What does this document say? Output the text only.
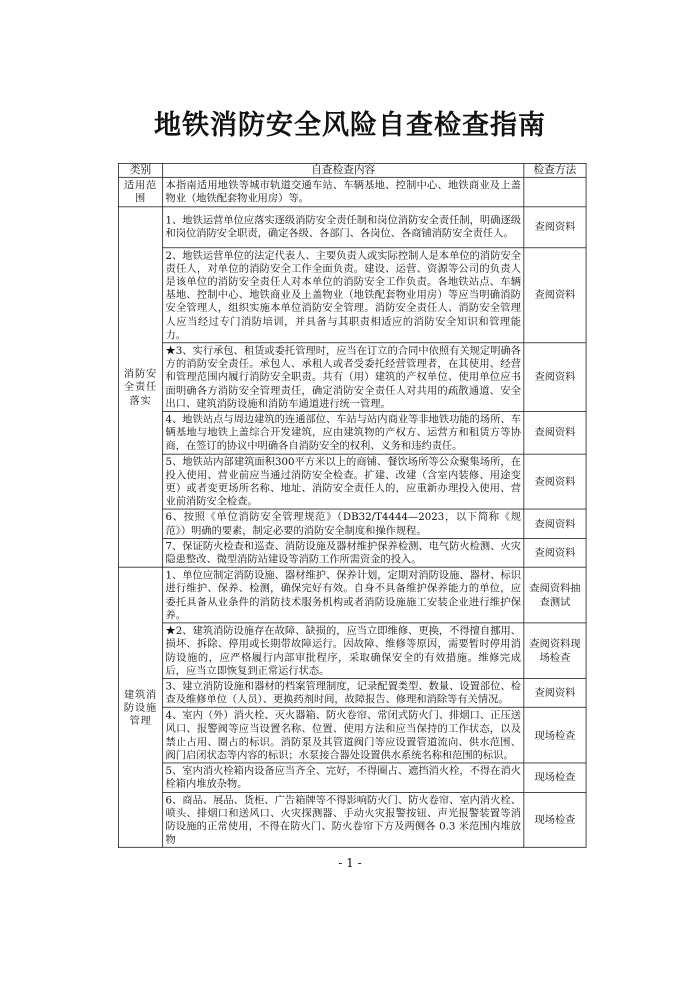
地铁消防安全风险自查检查指南
类别	自查检查内容	检查方法
适用范围	本指南适用地铁等城市轨道交通车站、车辆基地、控制中心、地铁商业及上盖物业（地铁配套物业用房）等。	
消防安全责任落实	1、地铁运营单位应落实逐级消防安全责任制和岗位消防安全责任制，明确逐级和岗位消防安全职责，确定各级、各部门、各岗位、各商铺消防安全责任人。	查阅资料
	2、地铁运营单位的法定代表人、主要负责人或实际控制人是本单位的消防安全责任人，对单位的消防安全工作全面负责。建设、运营、资源等公司的负责人是该单位的消防安全责任人对本单位的消防安全工作负责。各地铁站点、车辆基地、控制中心、地铁商业及上盖物业（地铁配套物业用房）等应当明确消防安全管理人，组织实施本单位消防安全管理。消防安全责任人、消防安全管理人应当经过专门消防培训，并具备与其职责相适应的消防安全知识和管理能力。	查阅资料
	★3、实行承包、租赁或委托管理时，应当在订立的合同中依照有关规定明确各方的消防安全责任。承包人、承租人或者受委托经营管理者，在其使用、经营和管理范围内履行消防安全职责。共有（用）建筑的产权单位、使用单位应书面明确各方消防安全管理责任，确定消防安全责任人对共用的疏散通道、安全出口、建筑消防设施和消防车通道进行统一管理。	查阅资料
	4、地铁站点与周边建筑的连通部位、车站与站内商业等非地铁功能的场所、车辆基地与地铁上盖综合开发建筑，应由建筑物的产权方、运营方和租赁方等协商，在签订的协议中明确各自消防安全的权利、义务和违约责任。	查阅资料
	5、地铁站内部建筑面积300平方米以上的商铺、餐饮场所等公众聚集场所，在投入使用、营业前应当通过消防安全检查。扩建、改建（含室内装修、用途变更）或者变更场所名称、地址、消防安全责任人的，应重新办理投入使用、营业前消防安全检查。	查阅资料
	6、按照《单位消防安全管理规范》（DB32/T4444—2023，以下简称《规范》）明确的要素，制定必要的消防安全制度和操作规程。	查阅资料
	7、保证防火检查和巡查、消防设施及器材维护保养检测、电气防火检测、火灾隐患整改、微型消防站建设等消防工作所需资金的投入。	查阅资料
建筑消防设施管理	1、单位应制定消防设施、器材维护、保养计划，定期对消防设施、器材、标识进行维护、保养、检测，确保完好有效。自身不具备维护保养能力的单位，应委托具备从业条件的消防技术服务机构或者消防设施施工安装企业进行维护保养。	查阅资料抽查测试
	★2、建筑消防设施存在故障、缺损的，应当立即维修、更换，不得擅自挪用、损坏、拆除、停用或长期带故障运行。因故障、维修等原因，需要暂时停用消防设施的，应严格履行内部审批程序，采取确保安全的有效措施。维修完成后，应当立即恢复到正常运行状态。	查阅资料现场检查
	3、建立消防设施和器材的档案管理制度，记录配置类型、数量、设置部位、检查及维修单位（人员）、更换药剂时间，故障报告、修理和消除等有关情况。	查阅资料
	4、室内（外）消火栓、灭火器箱、防火卷帘、常闭式防火门、排烟口、正压送风口、报警阀等应当设置名称、位置、使用方法和应当保持的工作状态，以及禁止占用、圈占的标识。消防泵及其管道阀门等应设置管道流向、供水范围、阀门启闭状态等内容的标识；水泵接合器处设置供水系统名称和范围的标识。	现场检查
	5、室内消火栓箱内设备应当齐全、完好，不得圈占、遮挡消火栓，不得在消火栓箱内堆放杂物。	现场检查
	6、商品、展品、货柜、广告箱牌等不得影响防火门、防火卷帘、室内消火栓、喷头、排烟口和送风口、火灾探测器、手动火灾报警按钮、声光报警装置等消防设施的正常使用，不得在防火门、防火卷帘下方及两侧各 0.3 米范围内堆放物	现场检查
- 1 -
